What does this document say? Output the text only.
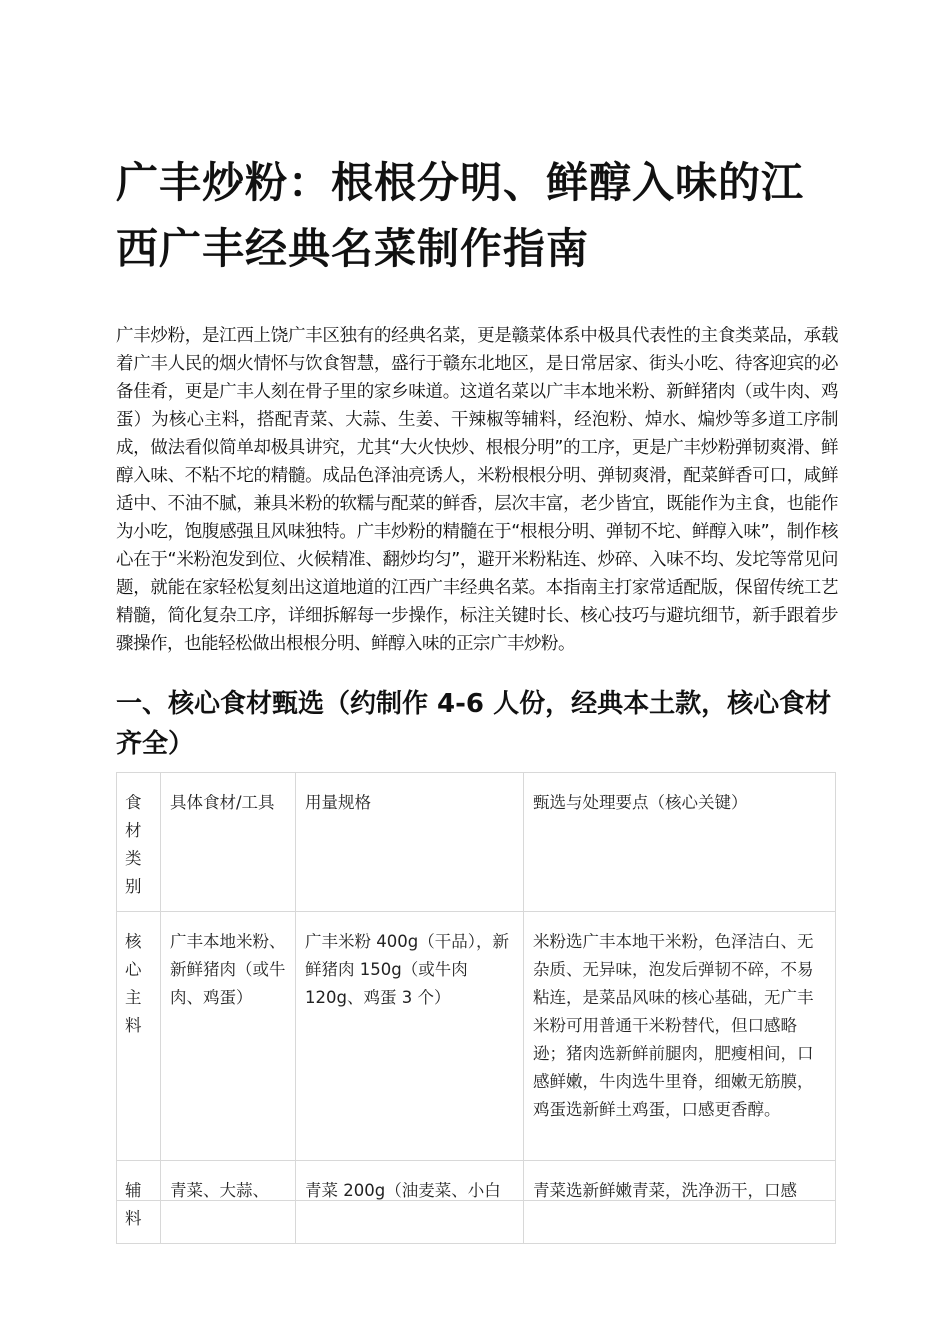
广丰炒粉：根根分明、鲜醇入味的江西广丰经典名菜制作指南

广丰炒粉，是江西上饶广丰区独有的经典名菜，更是赣菜体系中极具代表性的主食类菜品，承载着广丰人民的烟火情怀与饮食智慧，盛行于赣东北地区，是日常居家、街头小吃、待客迎宾的必备佳肴，更是广丰人刻在骨子里的家乡味道。这道名菜以广丰本地米粉、新鲜猪肉（或牛肉、鸡蛋）为核心主料，搭配青菜、大蒜、生姜、干辣椒等辅料，经泡粉、焯水、煸炒等多道工序制成，做法看似简单却极具讲究，尤其“大火快炒、根根分明”的工序，更是广丰炒粉弹韧爽滑、鲜醇入味、不粘不坨的精髓。成品色泽油亮诱人，米粉根根分明、弹韧爽滑，配菜鲜香可口，咸鲜适中、不油不腻，兼具米粉的软糯与配菜的鲜香，层次丰富，老少皆宜，既能作为主食，也能作为小吃，饱腹感强且风味独特。广丰炒粉的精髓在于“根根分明、弹韧不坨、鲜醇入味”，制作核心在于“米粉泡发到位、火候精准、翻炒均匀”，避开米粉粘连、炒碎、入味不均、发坨等常见问题，就能在家轻松复刻出这道地道的江西广丰经典名菜。本指南主打家常适配版，保留传统工艺精髓，简化复杂工序，详细拆解每一步操作，标注关键时长、核心技巧与避坑细节，新手跟着步骤操作，也能轻松做出根根分明、鲜醇入味的正宗广丰炒粉。

一、核心食材甄选（约制作 4-6 人份，经典本土款，核心食材齐全）
食材类别	具体食材/工具	用量规格	甄选与处理要点（核心关键）
核心主料	广丰本地米粉、新鲜猪肉（或牛肉、鸡蛋）	广丰米粉 400g（干品），新鲜猪肉 150g（或牛肉 120g、鸡蛋 3 个）	米粉选广丰本地干米粉，色泽洁白、无杂质、无异味，泡发后弹韧不碎，不易粘连，是菜品风味的核心基础，无广丰米粉可用普通干米粉替代，但口感略逊；猪肉选新鲜前腿肉，肥瘦相间，口感鲜嫩，牛肉选牛里脊，细嫩无筋膜，鸡蛋选新鲜土鸡蛋，口感更香醇。
辅料	青菜、大蒜、	青菜 200g（油麦菜、小白	青菜选新鲜嫩青菜，洗净沥干，口感
